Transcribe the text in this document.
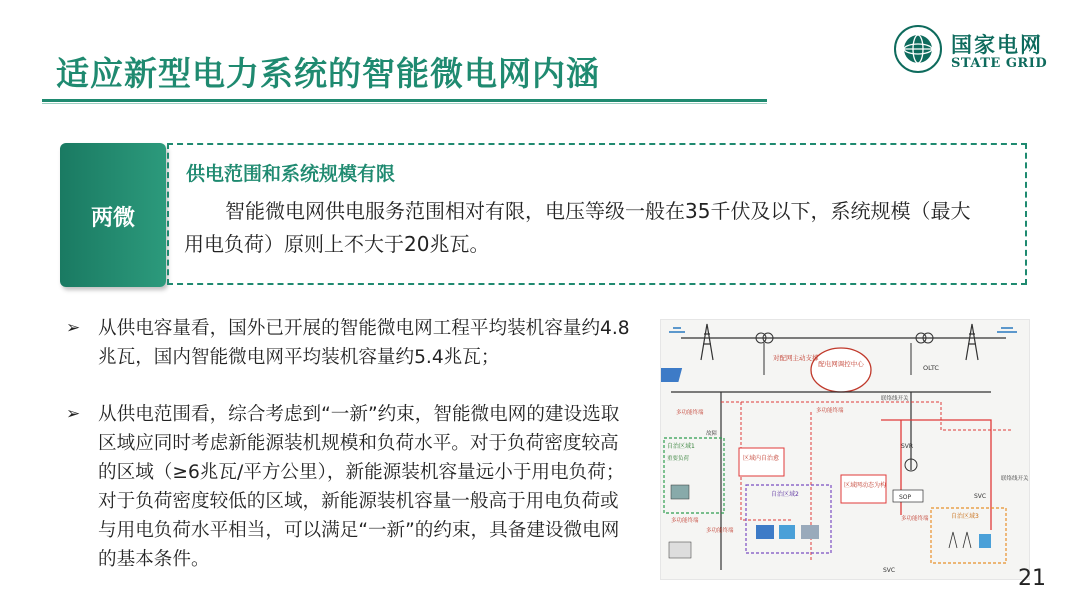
适应新型电力系统的智能微电网内涵
国家电网
STATE GRID
两微
供电范围和系统规模有限
智能微电网供电服务范围相对有限，电压等级一般在35千伏及以下，系统规模（最大用电负荷）原则上不大于20兆瓦。
➢ 从供电容量看，国外已开展的智能微电网工程平均装机容量约4.8兆瓦，国内智能微电网平均装机容量约5.4兆瓦；
➢ 从供电范围看，综合考虑到“一新”约束，智能微电网的建设选取区域应同时考虑新能源装机规模和负荷水平。对于负荷密度较高的区域（≥6兆瓦/平方公里），新能源装机容量远小于用电负荷；对于负荷密度较低的区域，新能源装机容量一般高于用电负荷或与用电负荷水平相当，可以满足“一新”的约束，具备建设微电网的基本条件。
配电网调控中心
对配网主动支撑
OLTC
多功能终端	多功能终端
多功能终端
多功能终端
多功能终端
故障
联络线开关
联络线开关
自治区域1
重要负荷	区域内自治愈
自治区域2
区域网动态为构
SVR
SOP	SVC
SVC
自治区域3
21
